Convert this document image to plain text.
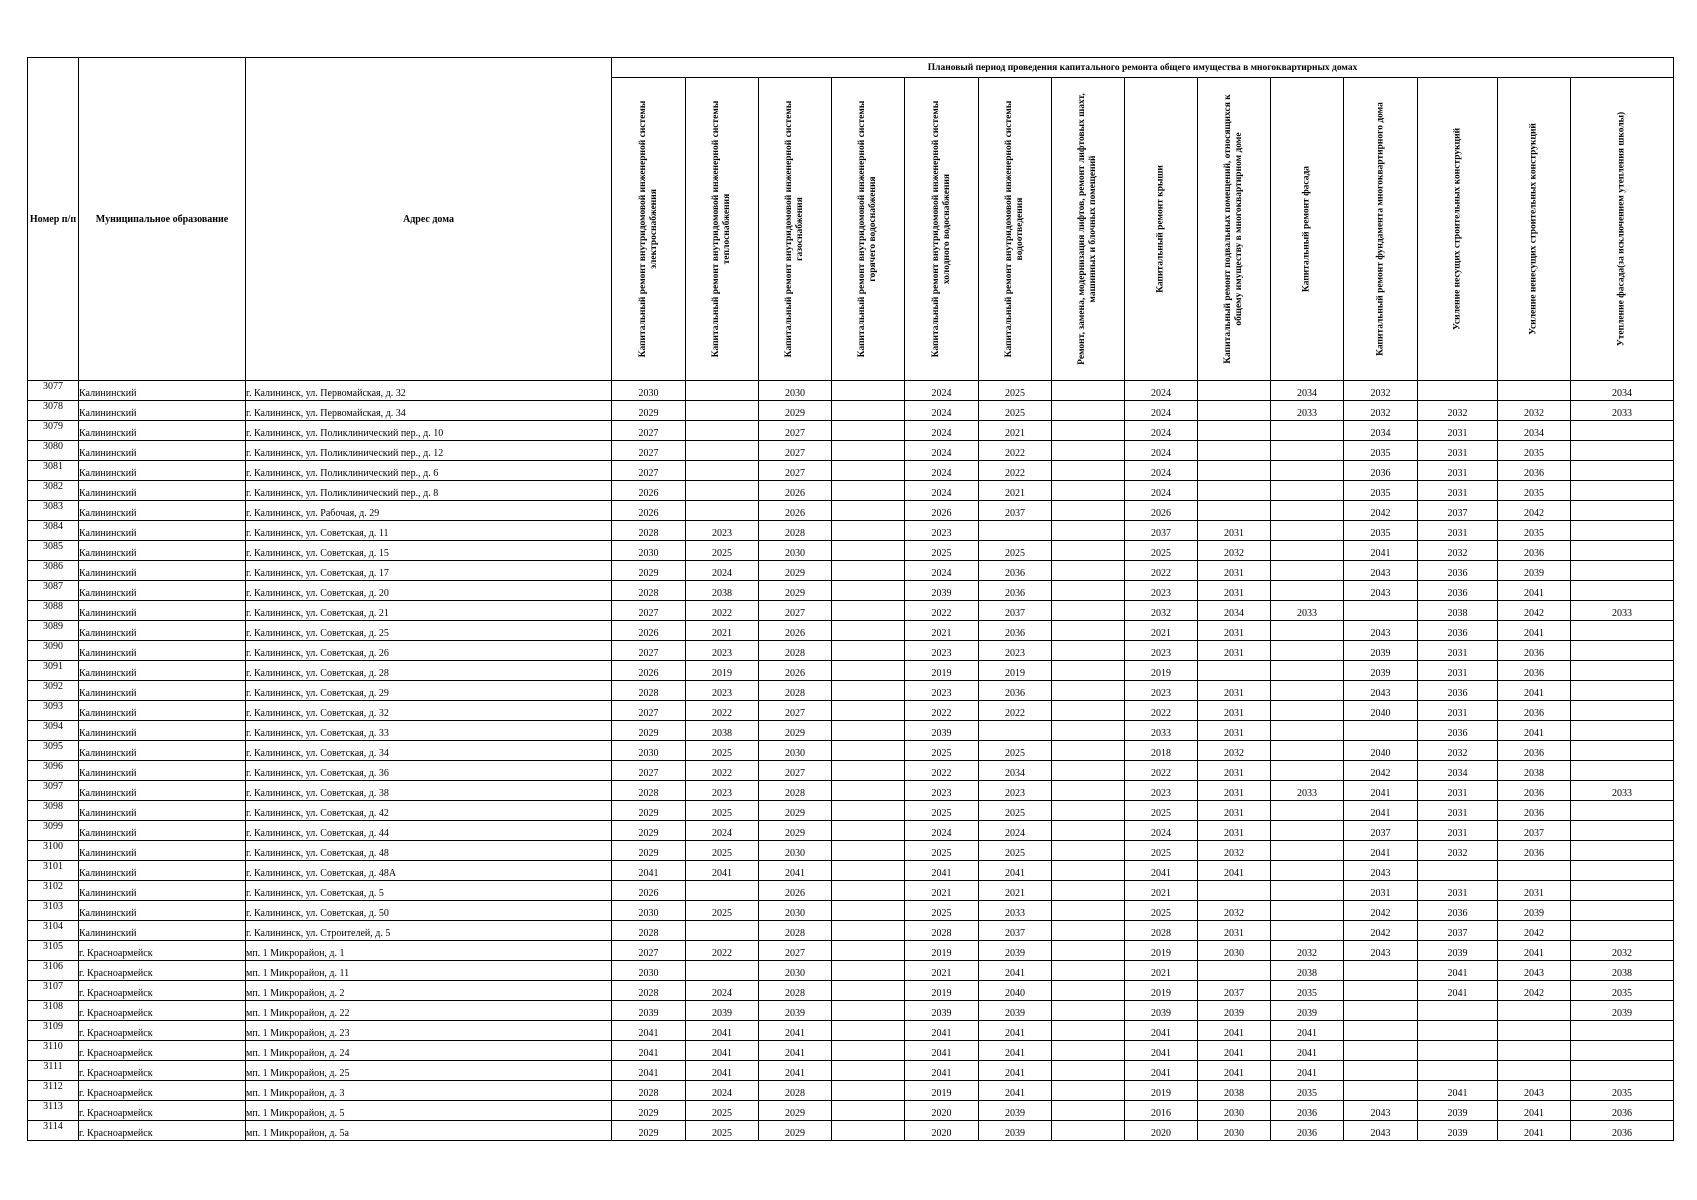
Номер п/п	Муниципальное образование	Адрес дома	Плановый период проведения капитального ремонта общего имущества в многоквартирных домах													

			Капитальный ремонт внутридомовой инженерной системы электроснабжения	Капитальный ремонт внутридомовой инженерной системы теплоснабжения	Капитальный ремонт внутридомовой инженерной системы газоснабжения	Капитальный ремонт внутридомовой инженерной системы горячего водоснабжения	Капитальный ремонт внутридомовой инженерной системы холодного водоснабжения	Капитальный ремонт внутридомовой инженерной системы водоотведения	Ремонт, замена, модернизация лифтов, ремонт лифтовых шахт, машинных и блочных помещений	Капитальный ремонт крыши	Капитальный ремонт подвальных помещений, относящихся к общему имуществу в многоквартирном доме	Капитальный ремонт фасада	Капитальный ремонт фундамента многоквартирного дома	Усиление несущих строительных конструкций	Усиление ненесущих строительных конструкций	Утепление фасада(за исключением утепления школы)

3077	Калининский	г. Калининск, ул. Первомайская, д. 32	2030		2030		2024	2025		2024		2034	2032			2034
3078	Калининский	г. Калининск, ул. Первомайская, д. 34	2029		2029		2024	2025		2024		2033	2032	2032	2032	2033
3079	Калининский	г. Калининск, ул. Поликлинический пер., д. 10	2027		2027		2024	2021		2024			2034	2031	2034	
3080	Калининский	г. Калининск, ул. Поликлинический пер., д. 12	2027		2027		2024	2022		2024			2035	2031	2035	
3081	Калининский	г. Калининск, ул. Поликлинический пер., д. 6	2027		2027		2024	2022		2024			2036	2031	2036	
3082	Калининский	г. Калининск, ул. Поликлинический пер., д. 8	2026		2026		2024	2021		2024			2035	2031	2035	
3083	Калининский	г. Калининск, ул. Рабочая, д. 29	2026		2026		2026	2037		2026			2042	2037	2042	
3084	Калининский	г. Калининск, ул. Советская, д. 11	2028	2023	2028		2023			2037	2031		2035	2031	2035	
3085	Калининский	г. Калининск, ул. Советская, д. 15	2030	2025	2030		2025	2025		2025	2032		2041	2032	2036	
3086	Калининский	г. Калининск, ул. Советская, д. 17	2029	2024	2029		2024	2036		2022	2031		2043	2036	2039	
3087	Калининский	г. Калининск, ул. Советская, д. 20	2028	2038	2029		2039	2036		2023	2031		2043	2036	2041	
3088	Калининский	г. Калининск, ул. Советская, д. 21	2027	2022	2027		2022	2037		2032	2034	2033		2038	2042	2033
3089	Калининский	г. Калининск, ул. Советская, д. 25	2026	2021	2026		2021	2036		2021	2031		2043	2036	2041	
3090	Калининский	г. Калининск, ул. Советская, д. 26	2027	2023	2028		2023	2023		2023	2031		2039	2031	2036	
3091	Калининский	г. Калининск, ул. Советская, д. 28	2026	2019	2026		2019	2019		2019			2039	2031	2036	
3092	Калининский	г. Калининск, ул. Советская, д. 29	2028	2023	2028		2023	2036		2023	2031		2043	2036	2041	
3093	Калининский	г. Калининск, ул. Советская, д. 32	2027	2022	2027		2022	2022		2022	2031		2040	2031	2036	
3094	Калининский	г. Калининск, ул. Советская, д. 33	2029	2038	2029		2039			2033	2031			2036	2041	
3095	Калининский	г. Калининск, ул. Советская, д. 34	2030	2025	2030		2025	2025		2018	2032		2040	2032	2036	
3096	Калининский	г. Калининск, ул. Советская, д. 36	2027	2022	2027		2022	2034		2022	2031		2042	2034	2038	
3097	Калининский	г. Калининск, ул. Советская, д. 38	2028	2023	2028		2023	2023		2023	2031	2033	2041	2031	2036	2033
3098	Калининский	г. Калининск, ул. Советская, д. 42	2029	2025	2029		2025	2025		2025	2031		2041	2031	2036	
3099	Калининский	г. Калининск, ул. Советская, д. 44	2029	2024	2029		2024	2024		2024	2031		2037	2031	2037	
3100	Калининский	г. Калининск, ул. Советская, д. 48	2029	2025	2030		2025	2025		2025	2032		2041	2032	2036	
3101	Калининский	г. Калининск, ул. Советская, д. 48А	2041	2041	2041		2041	2041		2041	2041		2043			
3102	Калининский	г. Калининск, ул. Советская, д. 5	2026		2026		2021	2021		2021			2031	2031	2031	
3103	Калининский	г. Калининск, ул. Советская, д. 50	2030	2025	2030		2025	2033		2025	2032		2042	2036	2039	
3104	Калининский	г. Калининск, ул. Строителей, д. 5	2028		2028		2028	2037		2028	2031		2042	2037	2042	
3105	г. Красноармейск	мп. 1 Микрорайон, д. 1	2027	2022	2027		2019	2039		2019	2030	2032	2043	2039	2041	2032
3106	г. Красноармейск	мп. 1 Микрорайон, д. 11	2030		2030		2021	2041		2021		2038		2041	2043	2038
3107	г. Красноармейск	мп. 1 Микрорайон, д. 2	2028	2024	2028		2019	2040		2019	2037	2035		2041	2042	2035
3108	г. Красноармейск	мп. 1 Микрорайон, д. 22	2039	2039	2039		2039	2039		2039	2039	2039				2039
3109	г. Красноармейск	мп. 1 Микрорайон, д. 23	2041	2041	2041		2041	2041		2041	2041	2041				
3110	г. Красноармейск	мп. 1 Микрорайон, д. 24	2041	2041	2041		2041	2041		2041	2041	2041				
3111	г. Красноармейск	мп. 1 Микрорайон, д. 25	2041	2041	2041		2041	2041		2041	2041	2041				
3112	г. Красноармейск	мп. 1 Микрорайон, д. 3	2028	2024	2028		2019	2041		2019	2038	2035		2041	2043	2035
3113	г. Красноармейск	мп. 1 Микрорайон, д. 5	2029	2025	2029		2020	2039		2016	2030	2036	2043	2039	2041	2036
3114	г. Красноармейск	мп. 1 Микрорайон, д. 5а	2029	2025	2029		2020	2039		2020	2030	2036	2043	2039	2041	2036
